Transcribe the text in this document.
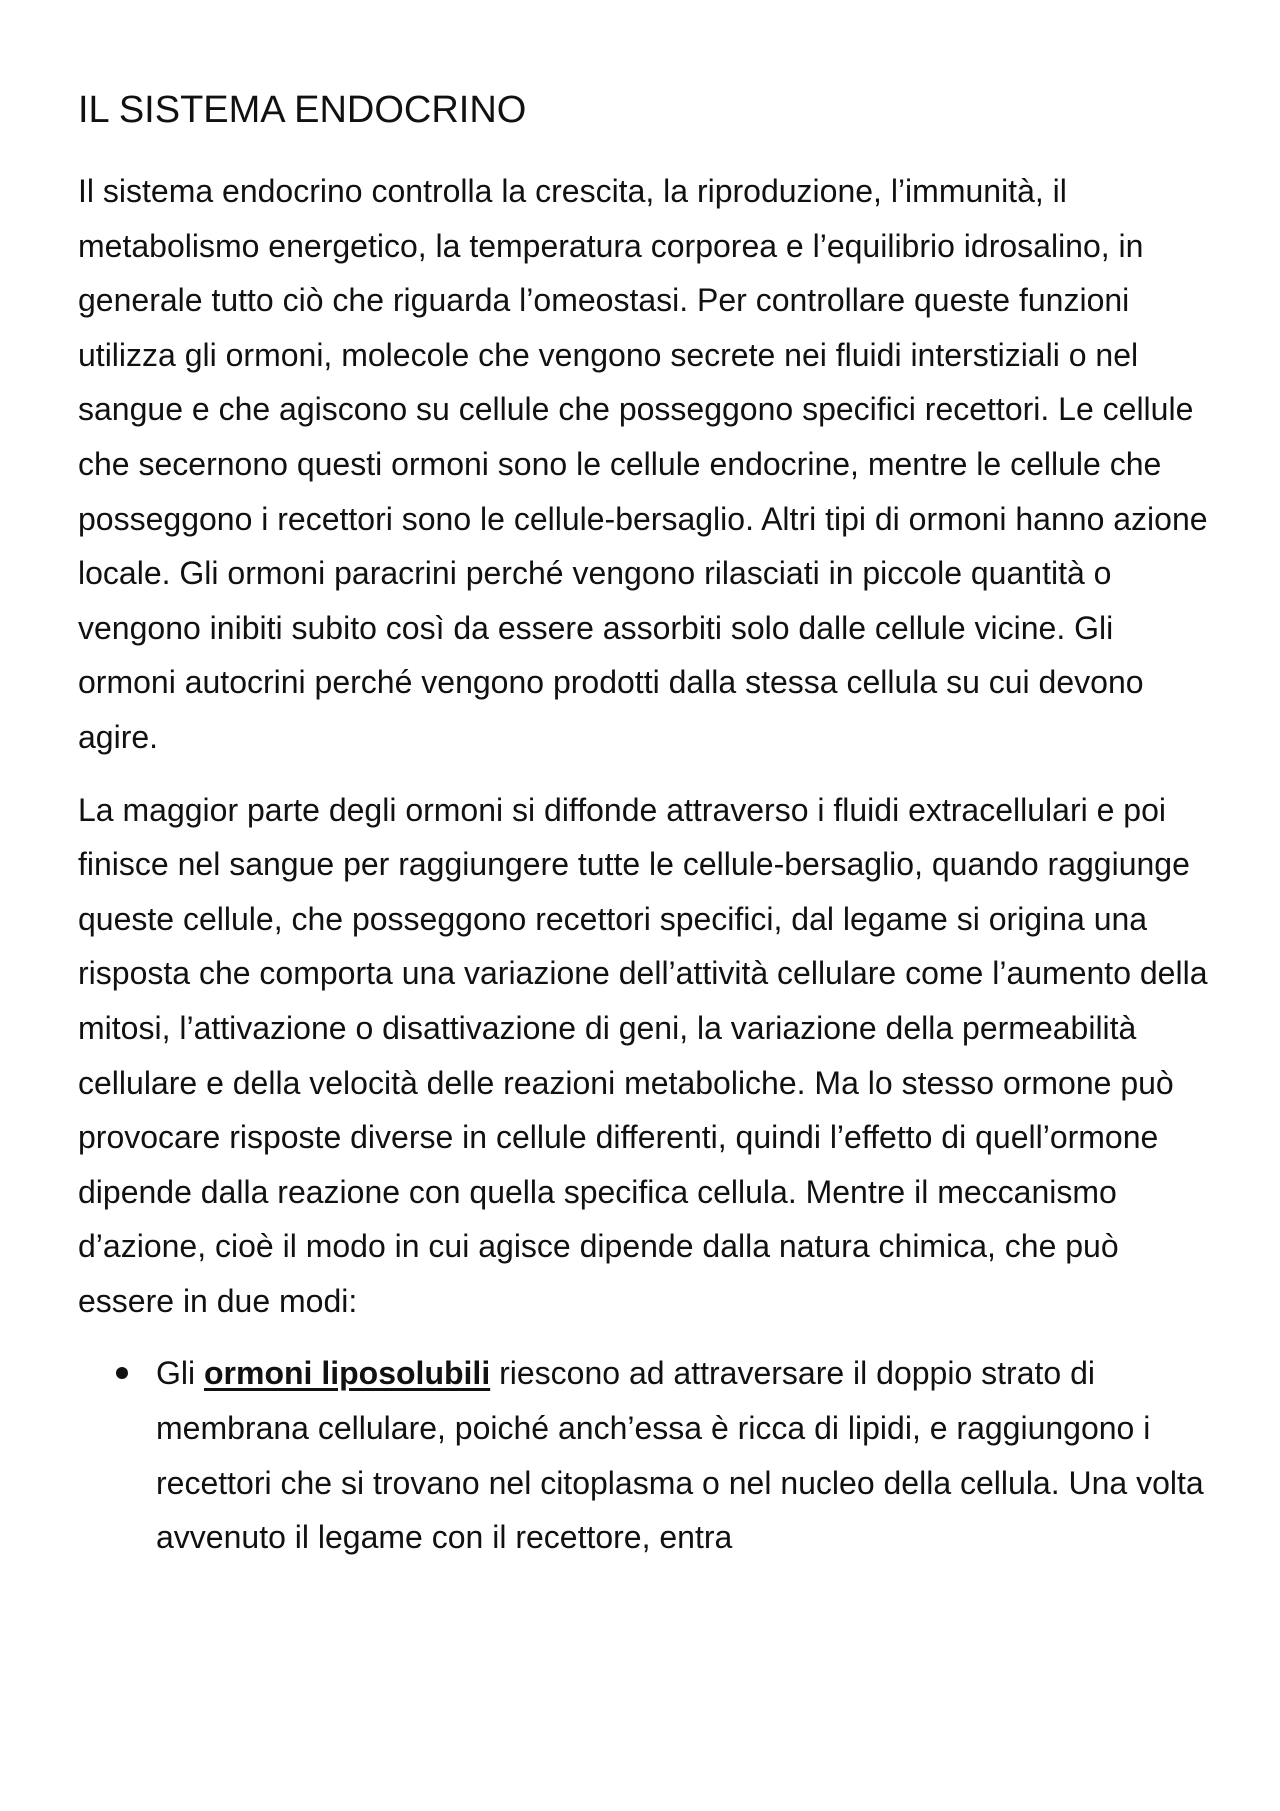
IL SISTEMA ENDOCRINO

Il sistema endocrino controlla la crescita, la riproduzione, l’immunità, il metabolismo energetico, la temperatura corporea e l’equilibrio idrosalino, in generale tutto ciò che riguarda l’omeostasi. Per controllare queste funzioni utilizza gli ormoni, molecole che vengono secrete nei fluidi interstiziali o nel sangue e che agiscono su cellule che posseggono specifici recettori. Le cellule che secernono questi ormoni sono le cellule endocrine, mentre le cellule che posseggono i recettori sono le cellule-bersaglio. Altri tipi di ormoni hanno azione locale. Gli ormoni paracrini perché vengono rilasciati in piccole quantità o vengono inibiti subito così da essere assorbiti solo dalle cellule vicine. Gli ormoni autocrini perché vengono prodotti dalla stessa cellula su cui devono agire.

La maggior parte degli ormoni si diffonde attraverso i fluidi extracellulari e poi finisce nel sangue per raggiungere tutte le cellule-bersaglio, quando raggiunge queste cellule, che posseggono recettori specifici, dal legame si origina una risposta che comporta una variazione dell’attività cellulare come l’aumento della mitosi, l’attivazione o disattivazione di geni, la variazione della permeabilità cellulare e della velocità delle reazioni metaboliche. Ma lo stesso ormone può provocare risposte diverse in cellule differenti, quindi l’effetto di quell’ormone dipende dalla reazione con quella specifica cellula. Mentre il meccanismo d’azione, cioè il modo in cui agisce dipende dalla natura chimica, che può essere in due modi:

Gli ormoni liposolubili riescono ad attraversare il doppio strato di membrana cellulare, poiché anch’essa è ricca di lipidi, e raggiungono i recettori che si trovano nel citoplasma o nel nucleo della cellula. Una volta avvenuto il legame con il recettore, entra
